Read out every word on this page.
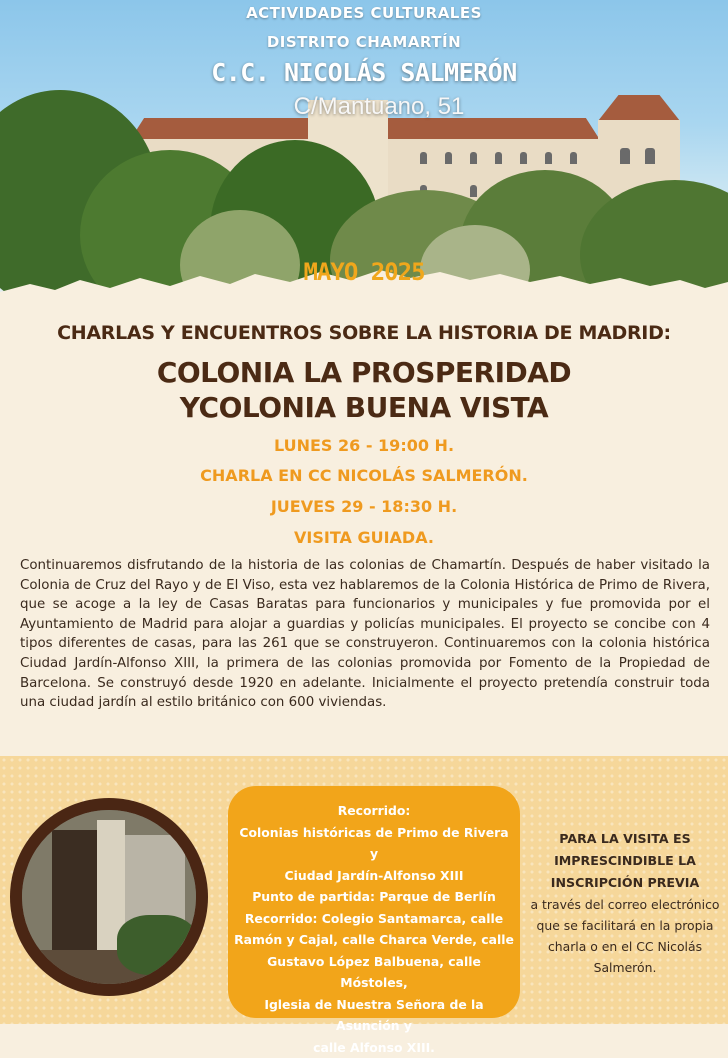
ACTIVIDADES CULTURALES
DISTRITO CHAMARTÍN
C.C. NICOLÁS SALMERÓN
C/Mantuano, 51
MAYO 2025
CHARLAS Y ENCUENTROS SOBRE LA HISTORIA DE MADRID:
COLONIA LA PROSPERIDAD
YCOLONIA BUENA VISTA
LUNES 26 - 19:00 H.
CHARLA EN CC NICOLÁS SALMERÓN.
JUEVES 29 - 18:30 H.
VISITA GUIADA.
Continuaremos disfrutando de la historia de las colonias de Chamartín. Después de haber visitado la Colonia de Cruz del Rayo y de El Viso, esta vez hablaremos de la Colonia Histórica de Primo de Rivera, que se acoge a la ley de Casas Baratas para funcionarios y municipales y fue promovida por el Ayuntamiento de Madrid para alojar a guardias y policías municipales. El proyecto se concibe con 4 tipos diferentes de casas, para las 261 que se construyeron. Continuaremos con la colonia histórica Ciudad Jardín-Alfonso XIII, la primera de las colonias promovida por Fomento de la Propiedad de Barcelona. Se construyó desde 1920 en adelante. Inicialmente el proyecto pretendía construir toda una ciudad jardín al estilo británico con 600 viviendas.
Recorrido:
Colonias históricas de Primo de Rivera y
Ciudad Jardín-Alfonso XIII
Punto de partida: Parque de Berlín
Recorrido: Colegio Santamarca, calle
Ramón y Cajal, calle Charca Verde, calle
Gustavo López Balbuena, calle Móstoles,
Iglesia de Nuestra Señora de la Asunción y
calle Alfonso XIII.
PARA LA VISITA ES
IMPRESCINDIBLE LA
INSCRIPCIÓN PREVIA
a través del correo electrónico
que se facilitará en la propia
charla o en el CC Nicolás
Salmerón.
